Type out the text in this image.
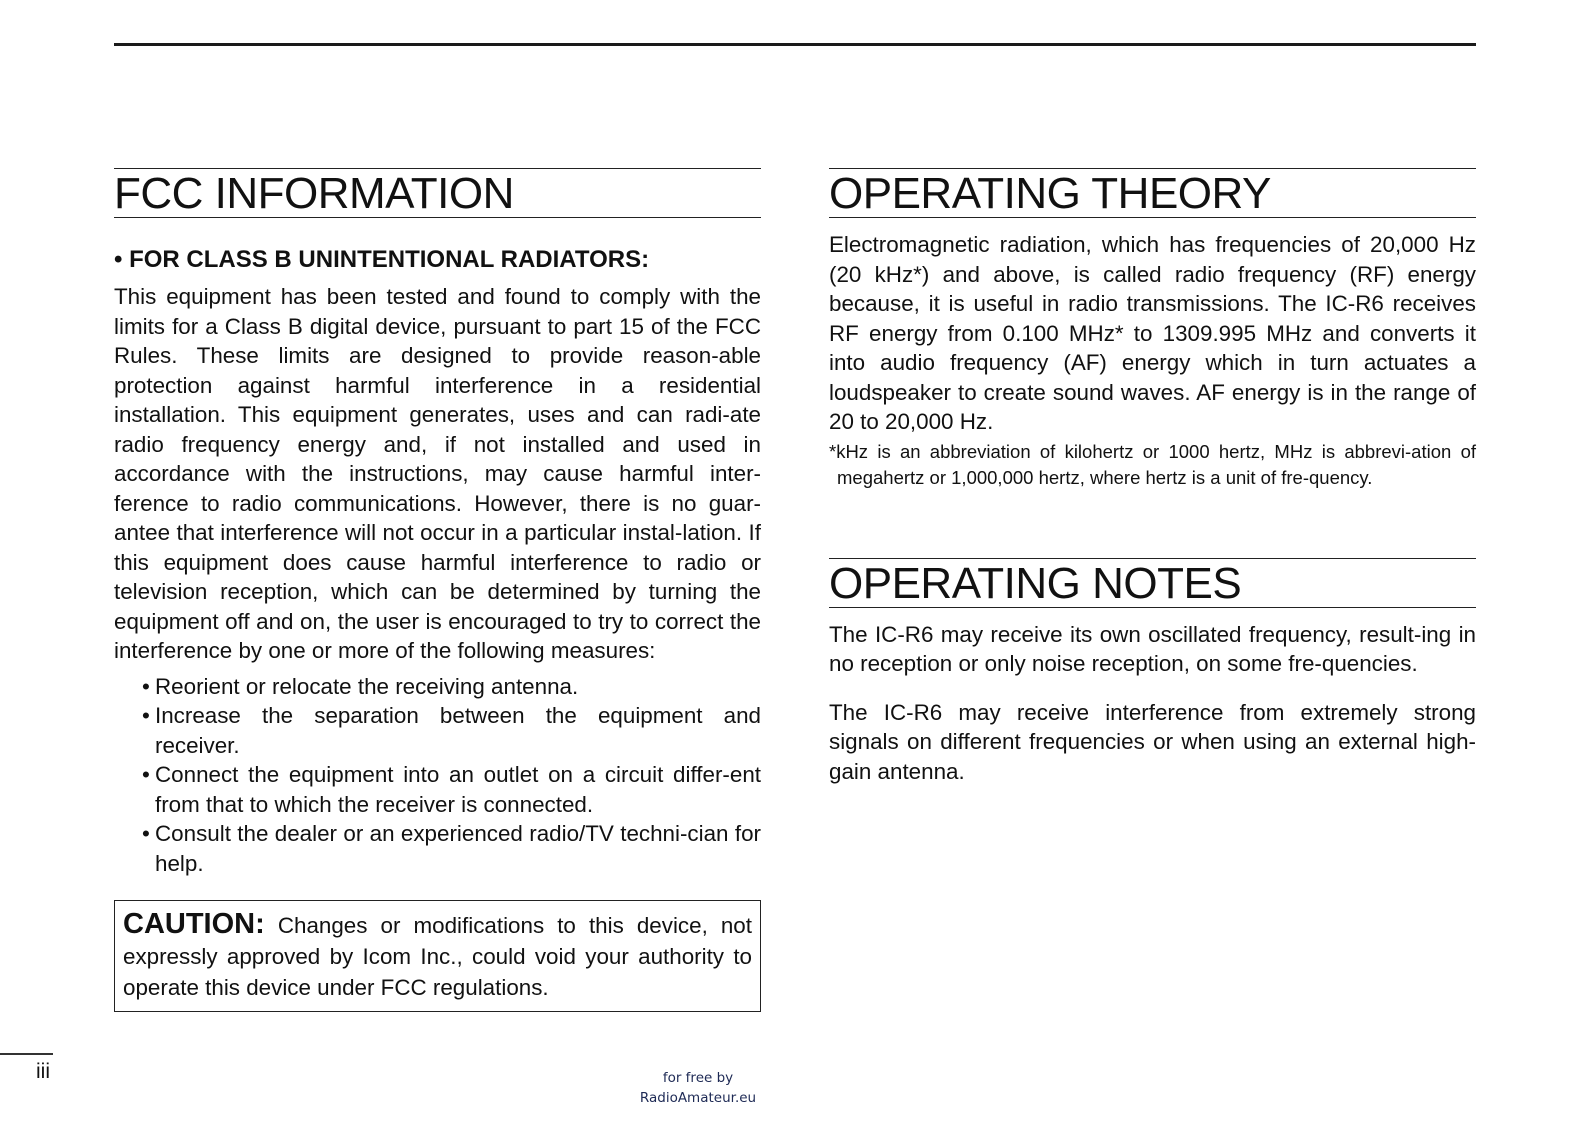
FCC INFORMATION
• FOR CLASS B UNINTENTIONAL RADIATORS:

This equipment has been tested and found to comply with the limits for a Class B digital device, pursuant to part 15 of the FCC Rules. These limits are designed to provide reason-able protection against harmful interference in a residential installation. This equipment generates, uses and can radi-ate radio frequency energy and, if not installed and used in accordance with the instructions, may cause harmful inter-ference to radio communications. However, there is no guar-antee that interference will not occur in a particular instal-lation. If this equipment does cause harmful interference to radio or television reception, which can be determined by turning the equipment off and on, the user is encouraged to try to correct the interference by one or more of the following measures:

• Reorient or relocate the receiving antenna.
• Increase the separation between the equipment and receiver.
• Connect the equipment into an outlet on a circuit differ-ent from that to which the receiver is connected.
• Consult the dealer or an experienced radio/TV techni-cian for help.
CAUTION: Changes or modifications to this device, not expressly approved by Icom Inc., could void your authority to operate this device under FCC regulations.
OPERATING THEORY

Electromagnetic radiation, which has frequencies of 20,000 Hz (20 kHz*) and above, is called radio frequency (RF) energy because, it is useful in radio transmissions. The IC-R6 receives RF energy from 0.100 MHz* to 1309.995 MHz and converts it into audio frequency (AF) energy which in turn actuates a loudspeaker to create sound waves. AF energy is in the range of 20 to 20,000 Hz.

*kHz is an abbreviation of kilohertz or 1000 hertz, MHz is abbrevi-ation of megahertz or 1,000,000 hertz, where hertz is a unit of fre-quency.

OPERATING NOTES

The IC-R6 may receive its own oscillated frequency, result-ing in no reception or only noise reception, on some fre-quencies.

The IC-R6 may receive interference from extremely strong signals on different frequencies or when using an external high-gain antenna.

iii	for free by
RadioAmateur.eu
